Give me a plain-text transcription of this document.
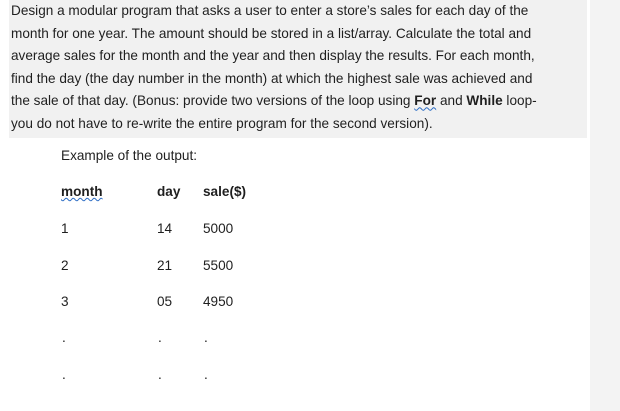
Design a modular program that asks a user to enter a store’s sales for each day of the
month for one year. The amount should be stored in a list/array. Calculate the total and
average sales for the month and the year and then display the results. For each month,
find the day (the day number in the month) at which the highest sale was achieved and
the sale of that day. (Bonus: provide two versions of the loop using For and While loop-
you do not have to re-write the entire program for the second version).
Example of the output:
month	day sale($)
1	14 5000
2	21 5500
3	05 4950
.	.	.
.	.	.
